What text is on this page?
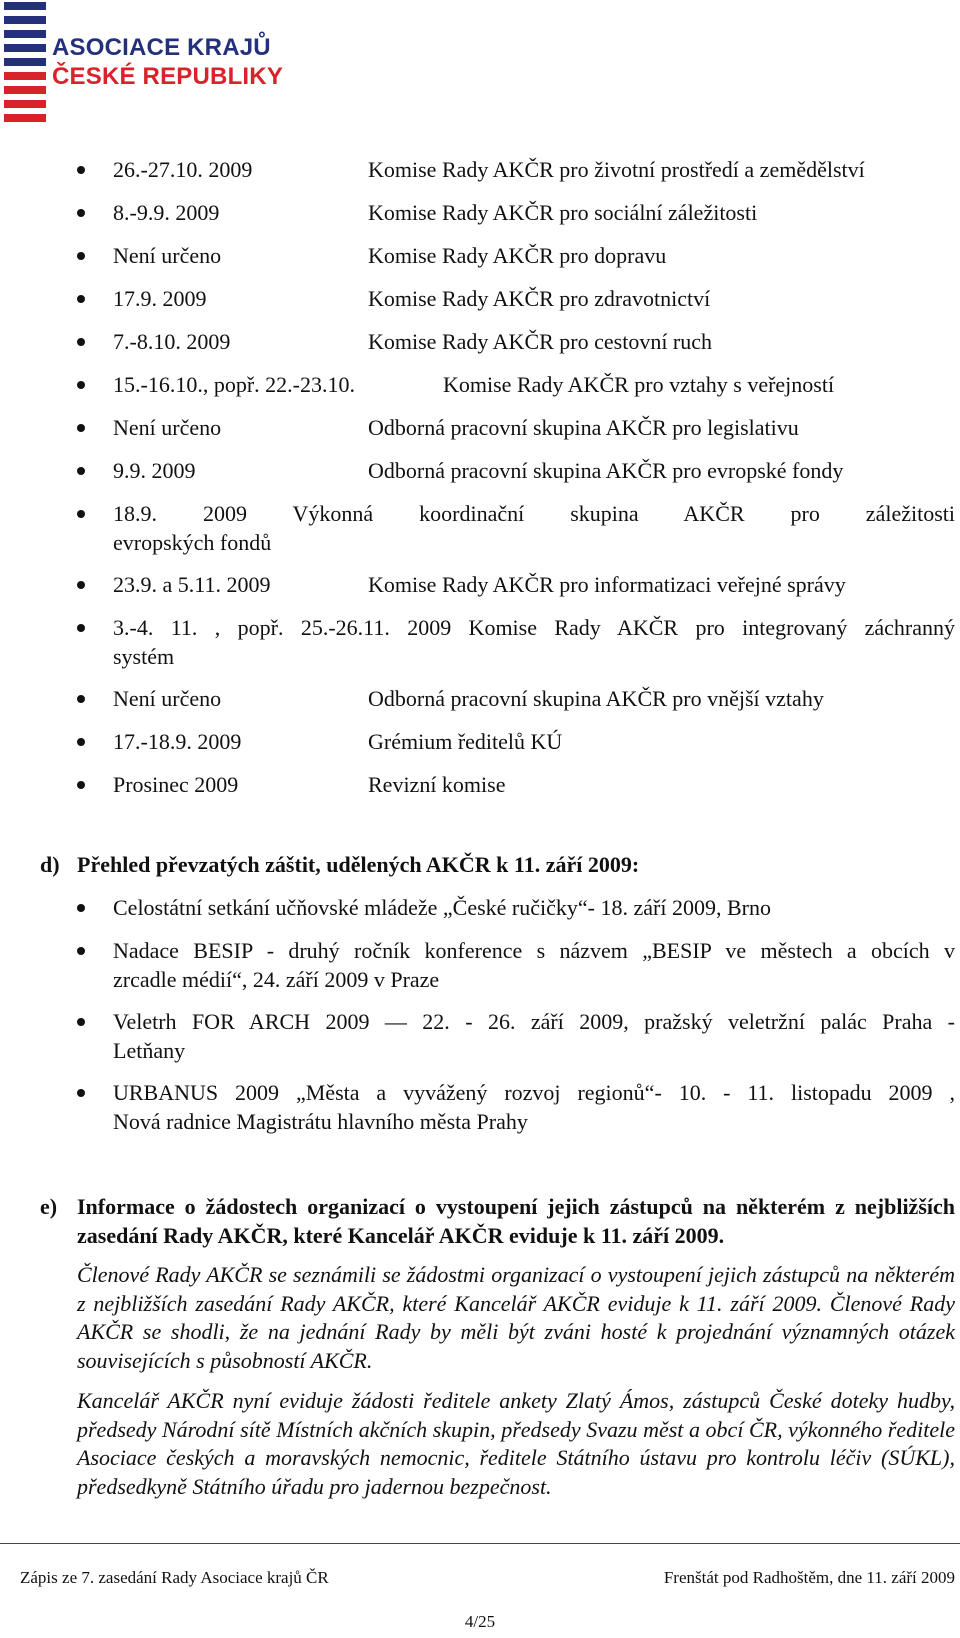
ASOCIACE KRAJŮ
ČESKÉ REPUBLIKY
26.-27.10. 2009	Komise Rady AKČR pro životní prostředí a zemědělství
8.-9.9. 2009	Komise Rady AKČR pro sociální záležitosti
Není určeno	Komise Rady AKČR pro dopravu
17.9. 2009	Komise Rady AKČR pro zdravotnictví
7.-8.10. 2009	Komise Rady AKČR pro cestovní ruch
15.-16.10., popř. 22.-23.10.	Komise Rady AKČR pro vztahy s veřejností
Není určeno	Odborná pracovní skupina AKČR pro legislativu
9.9. 2009	Odborná pracovní skupina AKČR pro evropské fondy
18.9. 2009 Výkonná koordinační skupina AKČR pro záležitosti
evropských fondů
23.9. a 5.11. 2009	Komise Rady AKČR pro informatizaci veřejné správy
3.-4. 11. , popř. 25.-26.11. 2009 Komise Rady AKČR pro integrovaný záchranný
systém
Není určeno	Odborná pracovní skupina AKČR pro vnější vztahy
17.-18.9. 2009	Grémium ředitelů KÚ
Prosinec 2009	Revizní komise
d) Přehled převzatých záštit, udělených AKČR k 11. září 2009:
Celostátní setkání učňovské mládeže „České ručičky“- 18. září 2009, Brno
Nadace BESIP - druhý ročník konference s názvem „BESIP ve městech a obcích v
zrcadle médií“, 24. září 2009 v Praze
Veletrh FOR ARCH 2009 — 22. - 26. září 2009, pražský veletržní palác Praha -
Letňany
URBANUS 2009 „Města a vyvážený rozvoj regionů“- 10. - 11. listopadu 2009 ,
Nová radnice Magistrátu hlavního města Prahy
e) Informace o žádostech organizací o vystoupení jejich zástupců na některém z nejbližších zasedání Rady AKČR, které Kancelář AKČR eviduje k 11. září 2009.
Členové Rady AKČR se seznámili se žádostmi organizací o vystoupení jejich zástupců na některém z nejbližších zasedání Rady AKČR, které Kancelář AKČR eviduje k 11. září 2009. Členové Rady AKČR se shodli, že na jednání Rady by měli být zváni hosté k projednání významných otázek souvisejících s působností AKČR.
Kancelář AKČR nyní eviduje žádosti ředitele ankety Zlatý Ámos, zástupců České doteky hudby, předsedy Národní sítě Místních akčních skupin, předsedy Svazu měst a obcí ČR, výkonného ředitele Asociace českých a moravských nemocnic, ředitele Státního ústavu pro kontrolu léčiv (SÚKL), předsedkyně Státního úřadu pro jadernou bezpečnost.
Zápis ze 7. zasedání Rady Asociace krajů ČR	Frenštát pod Radhoštěm, dne 11. září 2009
4/25
